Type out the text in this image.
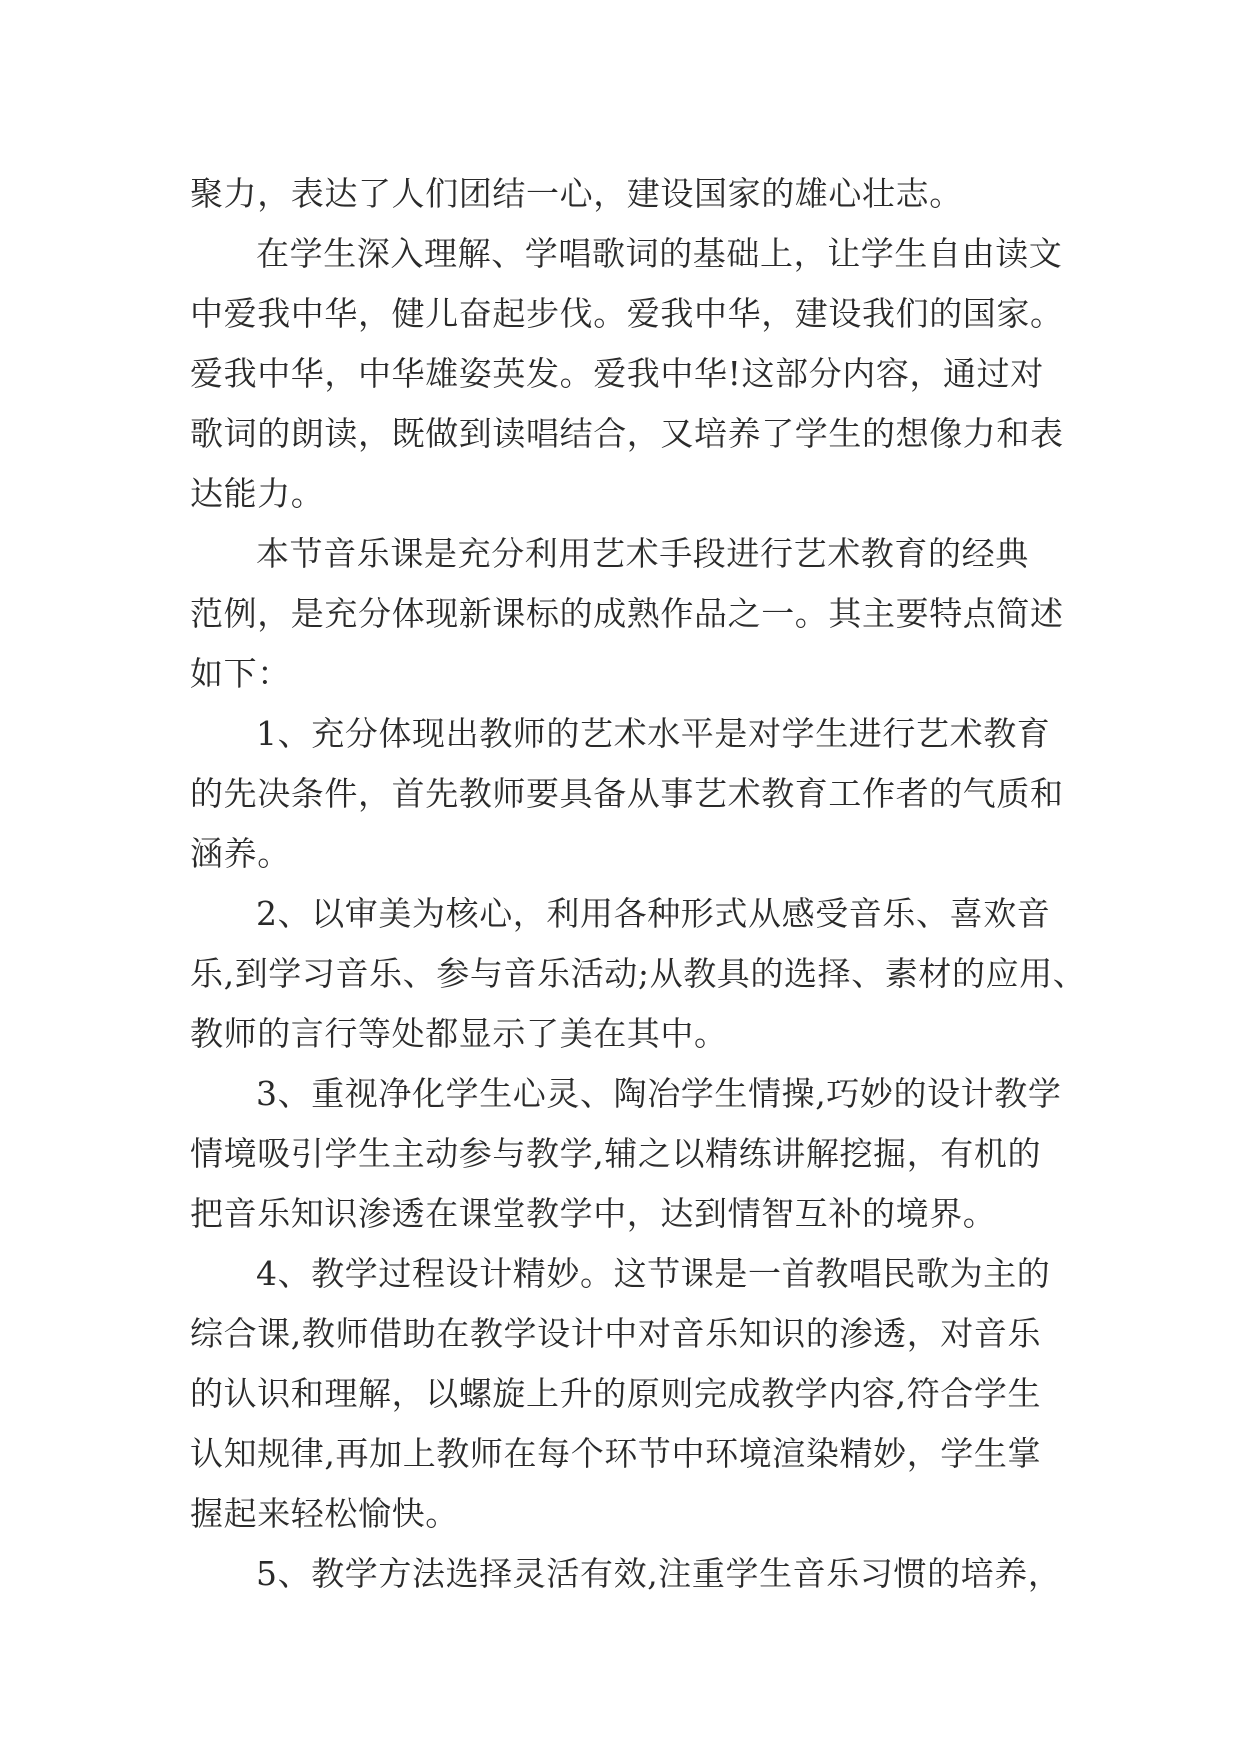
聚力，表达了人们团结一心，建设国家的雄心壮志。
在学生深入理解、学唱歌词的基础上，让学生自由读文
中爱我中华，健儿奋起步伐。爱我中华，建设我们的国家。
爱我中华，中华雄姿英发。爱我中华!这部分内容，通过对
歌词的朗读，既做到读唱结合，又培养了学生的想像力和表
达能力。
本节音乐课是充分利用艺术手段进行艺术教育的经典
范例，是充分体现新课标的成熟作品之一。其主要特点简述
如下：
1、充分体现出教师的艺术水平是对学生进行艺术教育
的先决条件，首先教师要具备从事艺术教育工作者的气质和
涵养。
2、以审美为核心，利用各种形式从感受音乐、喜欢音
乐,到学习音乐、参与音乐活动;从教具的选择、素材的应用、
教师的言行等处都显示了美在其中。
3、重视净化学生心灵、陶冶学生情操,巧妙的设计教学
情境吸引学生主动参与教学,辅之以精练讲解挖掘，有机的
把音乐知识渗透在课堂教学中，达到情智互补的境界。
4、教学过程设计精妙。这节课是一首教唱民歌为主的
综合课,教师借助在教学设计中对音乐知识的渗透，对音乐
的认识和理解，以螺旋上升的原则完成教学内容,符合学生
认知规律,再加上教师在每个环节中环境渲染精妙，学生掌
握起来轻松愉快。
5、教学方法选择灵活有效,注重学生音乐习惯的培养，
